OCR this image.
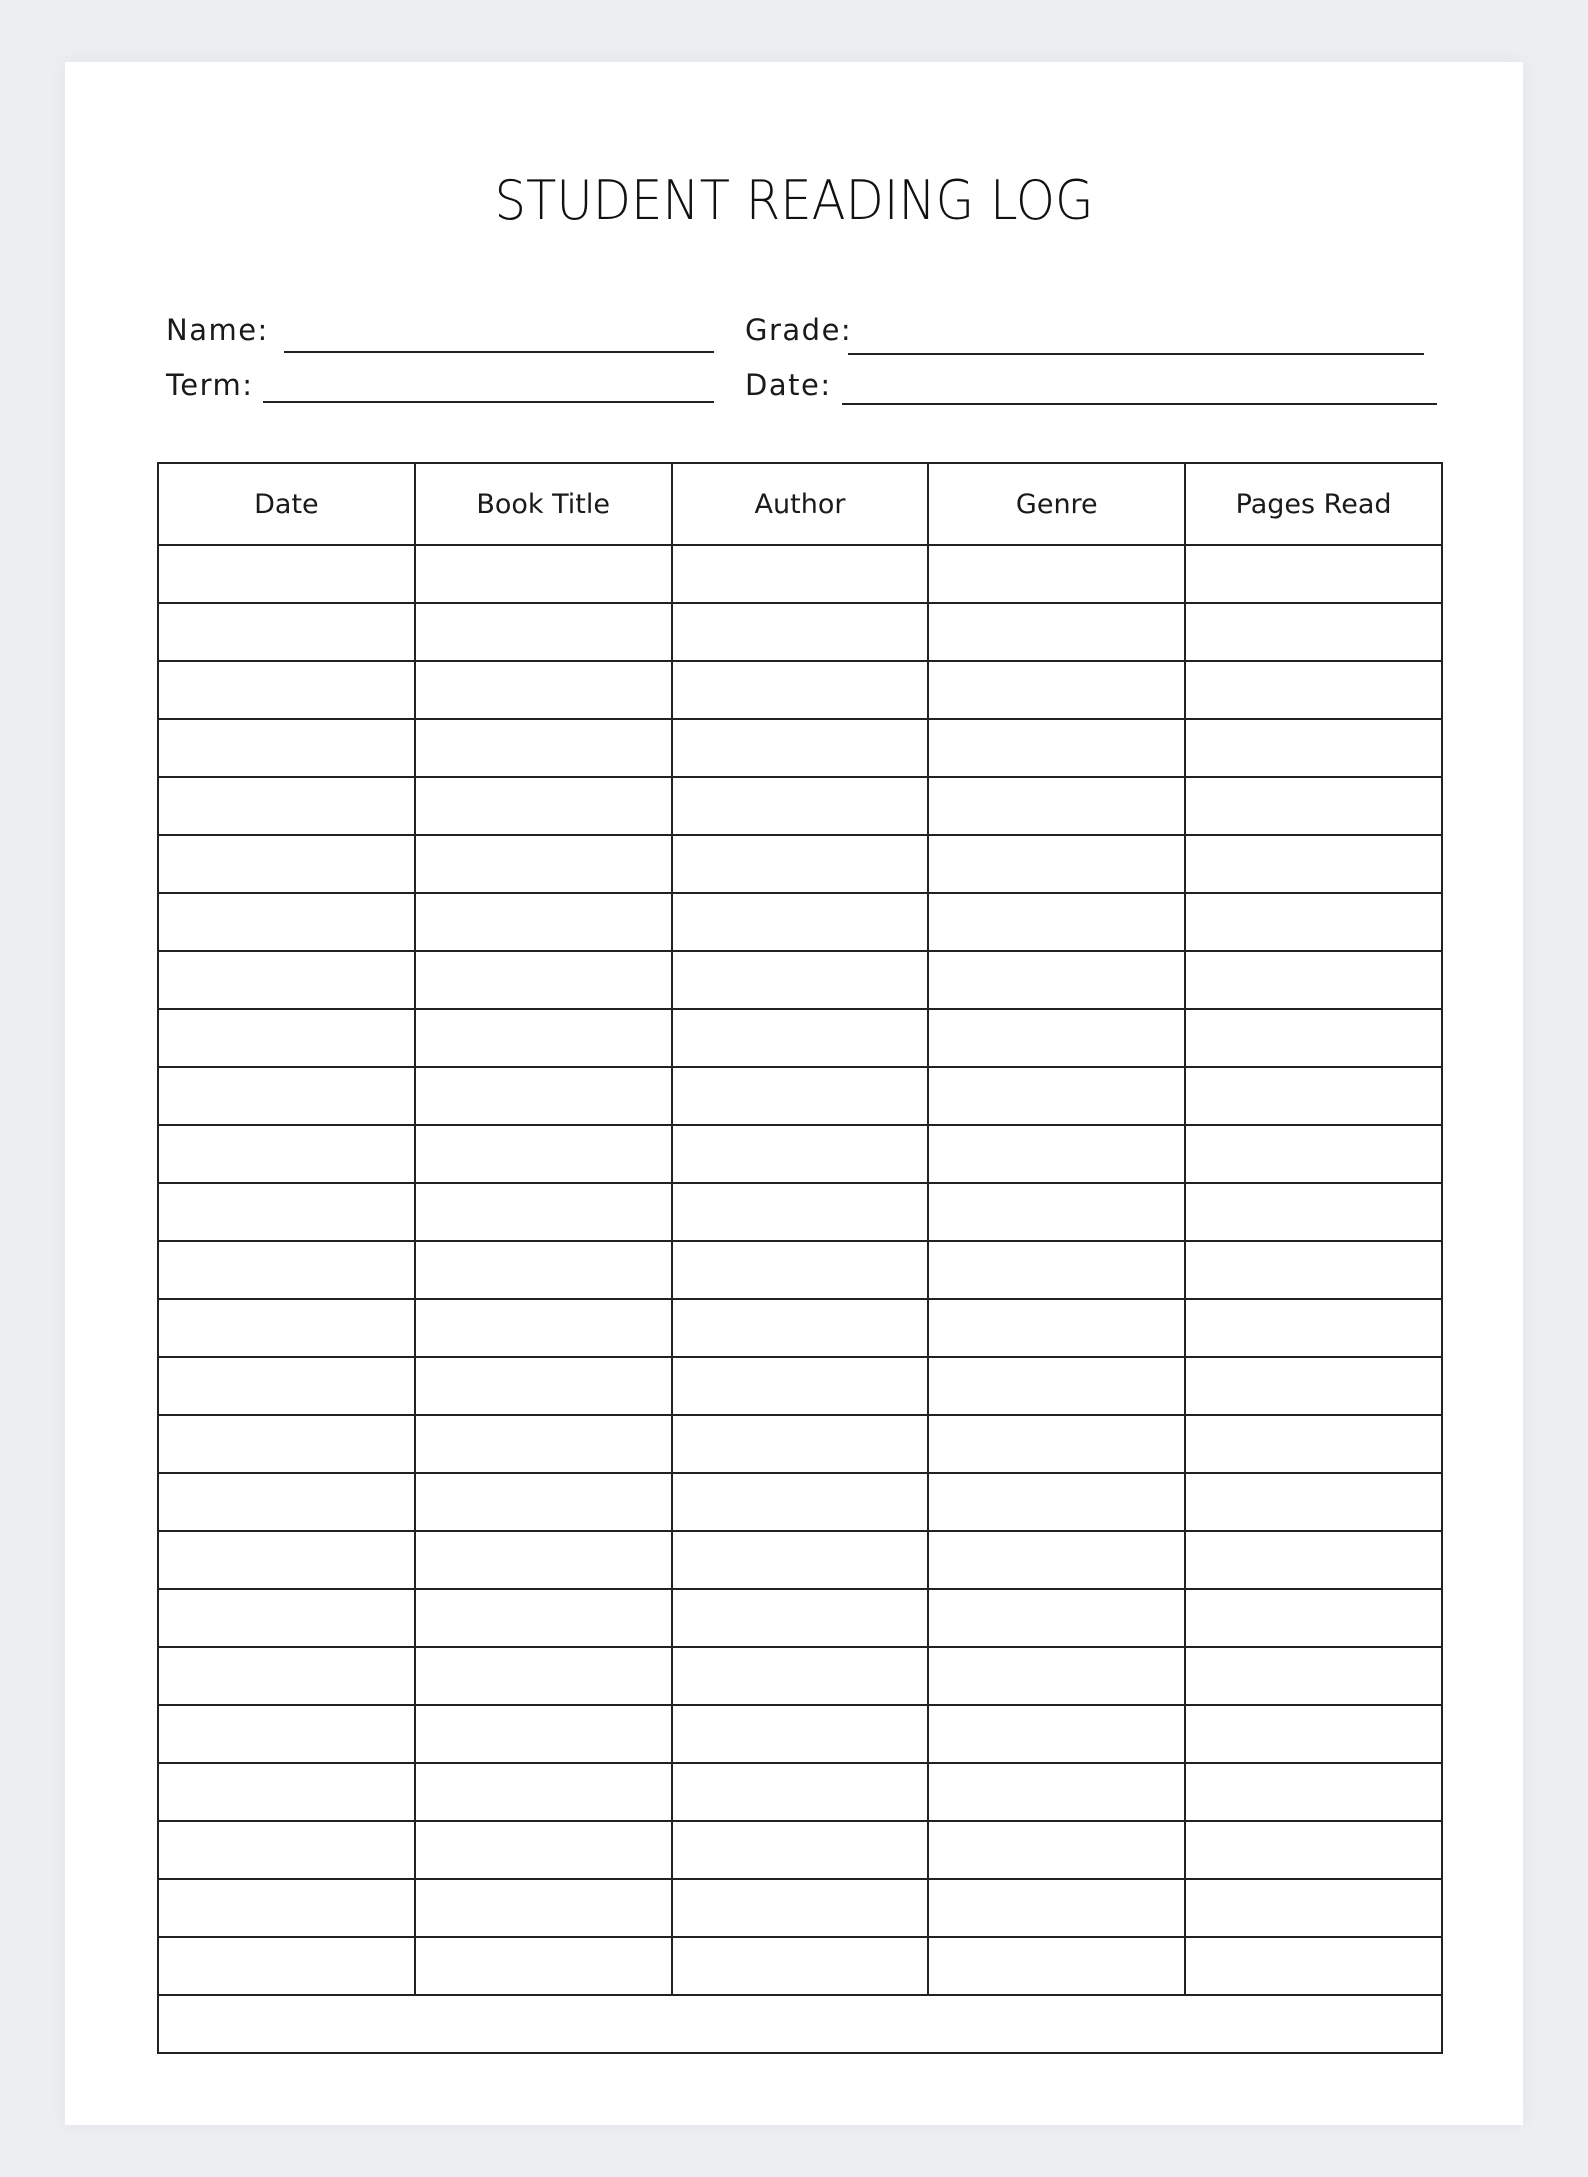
STUDENT READING LOG
Name:	Grade:
Term:	Date:
Date	Book Title	Author	Genre	Pages Read
